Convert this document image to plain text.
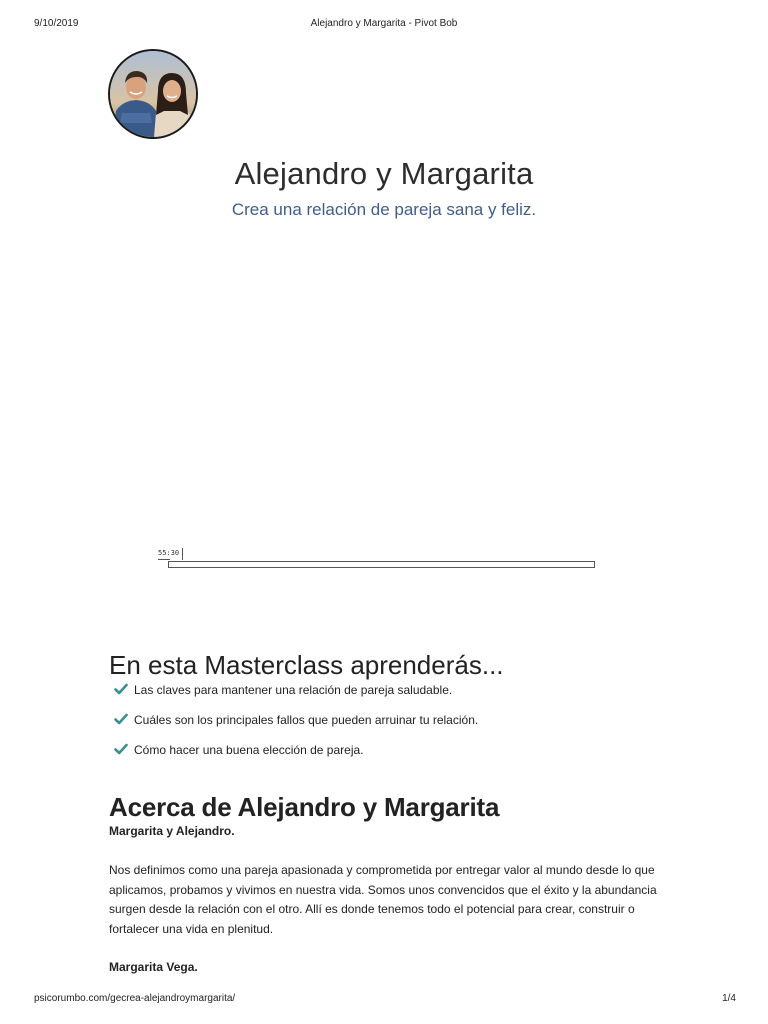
9/10/2019	Alejandro y Margarita - Pivot Bob
Alejandro y Margarita
Crea una relación de pareja sana y feliz.
55:30
En esta Masterclass aprenderás...
Las claves para mantener una relación de pareja saludable.
Cuáles son los principales fallos que pueden arruinar tu relación.
Cómo hacer una buena elección de pareja.
Acerca de Alejandro y Margarita

Margarita y Alejandro.

Nos definimos como una pareja apasionada y comprometida por entregar valor al mundo desde lo que aplicamos, probamos y vivimos en nuestra vida. Somos unos convencidos que el éxito y la abundancia surgen desde la relación con el otro. Allí es donde tenemos todo el potencial para crear, construir o fortalecer una vida en plenitud.

Margarita Vega.

psicorumbo.com/gecrea-alejandroymargarita/	1/4
